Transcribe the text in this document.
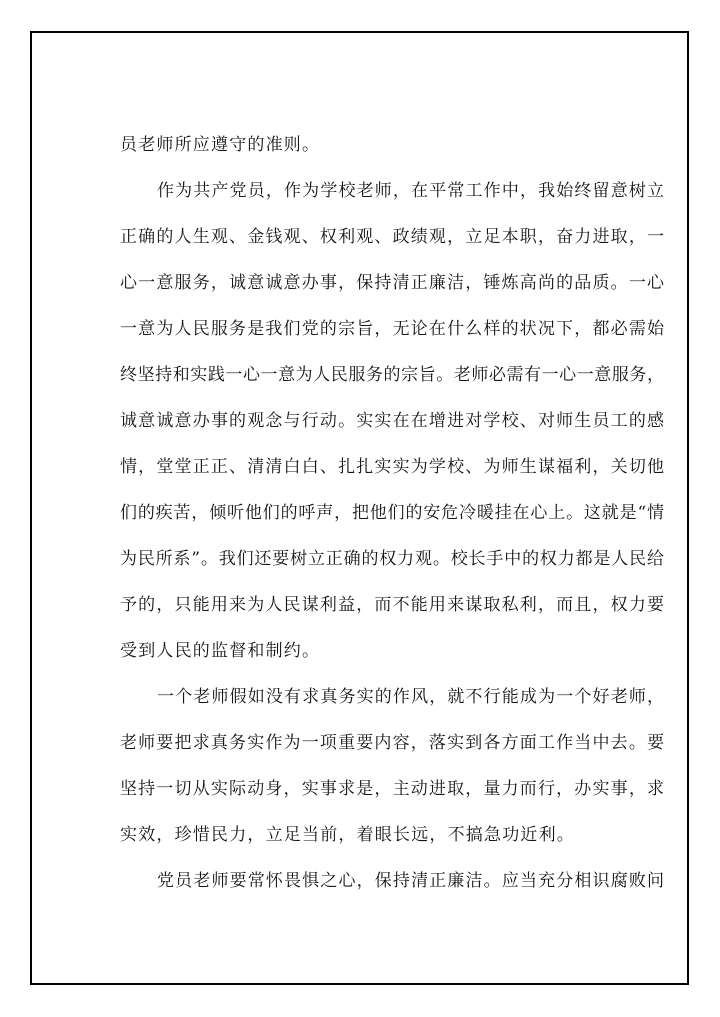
员老师所应遵守的准则。
作为共产党员，作为学校老师，在平常工作中，我始终留意树立
正确的人生观、金钱观、权利观、政绩观，立足本职，奋力进取，一
心一意服务，诚意诚意办事，保持清正廉洁，锤炼高尚的品质。一心
一意为人民服务是我们党的宗旨，无论在什么样的状况下，都必需始
终坚持和实践一心一意为人民服务的宗旨。老师必需有一心一意服务，
诚意诚意办事的观念与行动。实实在在增进对学校、对师生员工的感
情，堂堂正正、清清白白、扎扎实实为学校、为师生谋福利，关切他
们的疾苦，倾听他们的呼声，把他们的安危冷暖挂在心上。这就是“情
为民所系”。我们还要树立正确的权力观。校长手中的权力都是人民给
予的，只能用来为人民谋利益，而不能用来谋取私利，而且，权力要
受到人民的监督和制约。
一个老师假如没有求真务实的作风，就不行能成为一个好老师，
老师要把求真务实作为一项重要内容，落实到各方面工作当中去。要
坚持一切从实际动身，实事求是，主动进取，量力而行，办实事，求
实效，珍惜民力，立足当前，着眼长远，不搞急功近利。
党员老师要常怀畏惧之心，保持清正廉洁。应当充分相识腐败问
